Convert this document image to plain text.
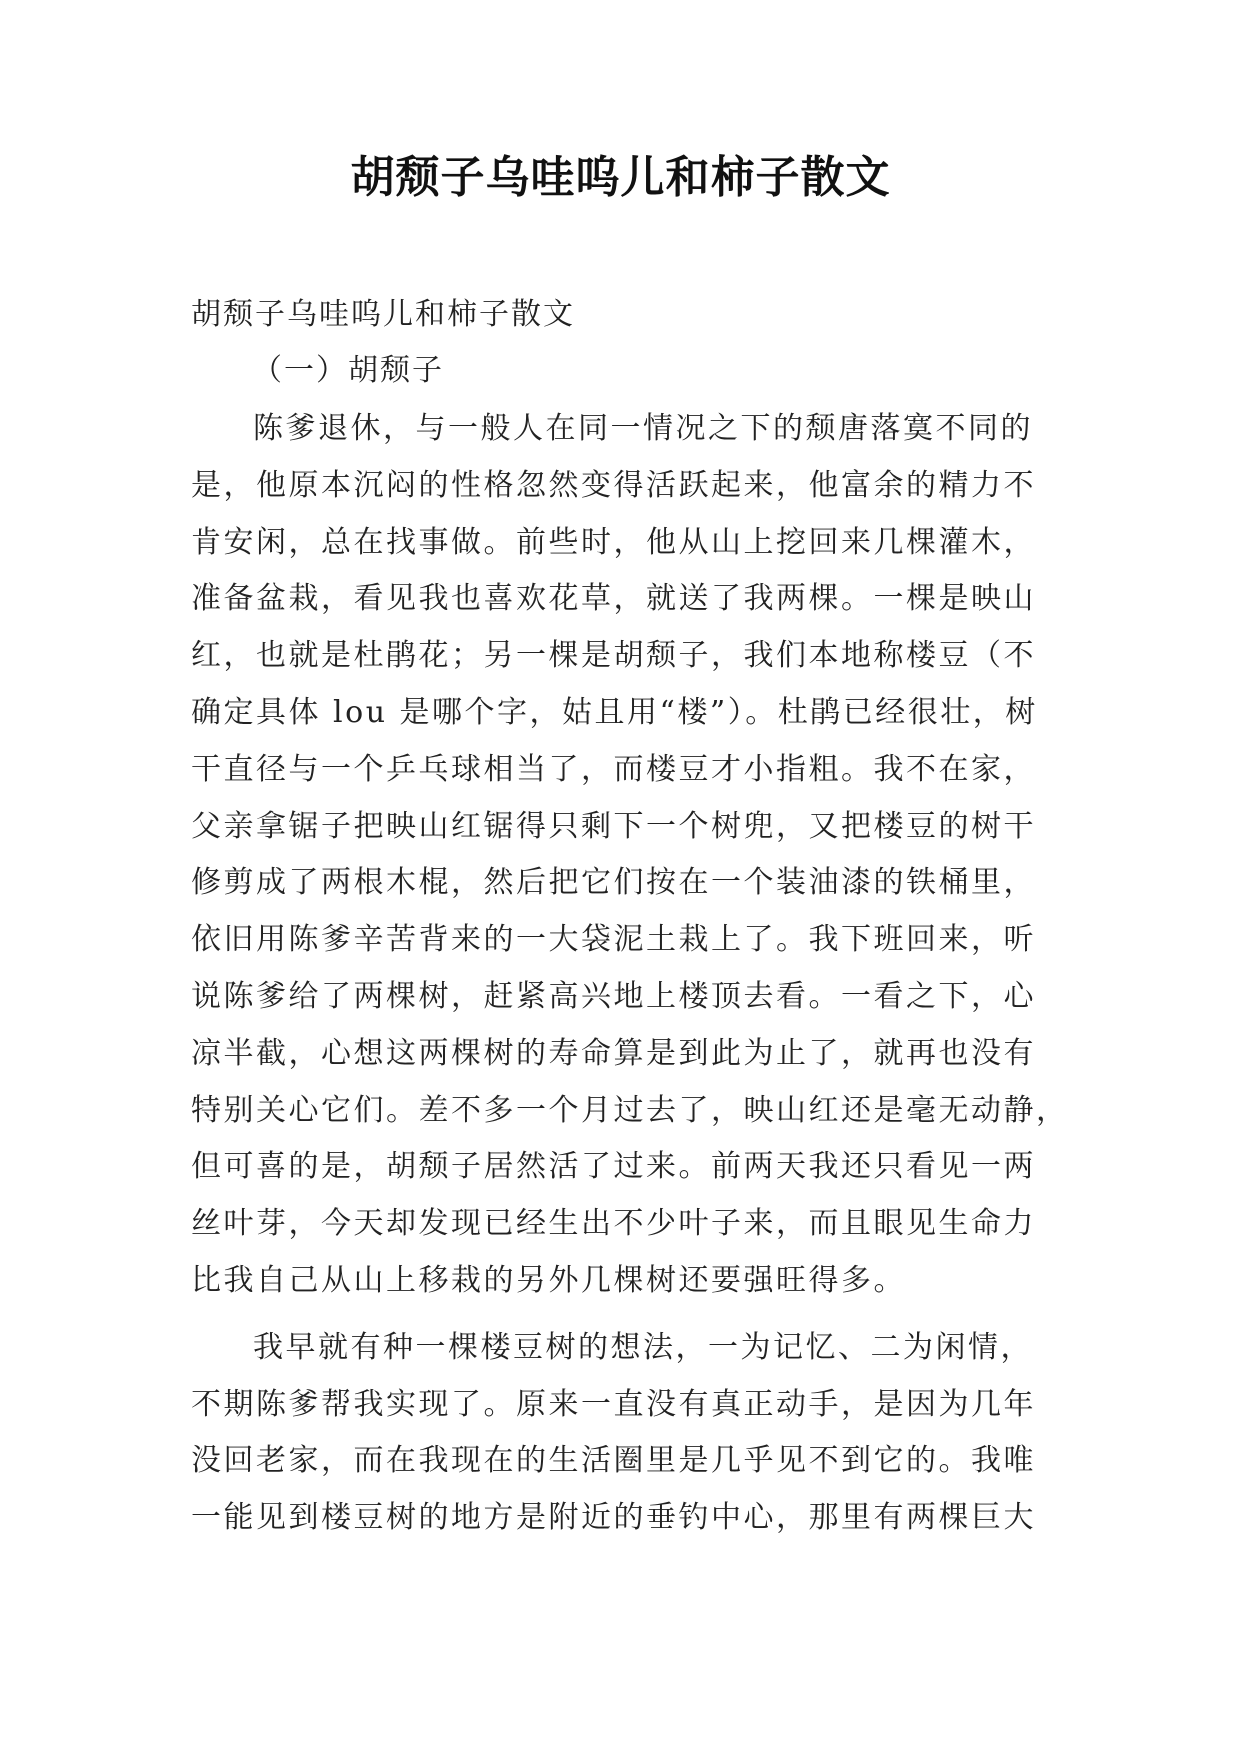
胡颓子乌哇呜儿和柿子散文
胡颓子乌哇呜儿和柿子散文
（一）胡颓子
陈爹退休，与一般人在同一情况之下的颓唐落寞不同的
是，他原本沉闷的性格忽然变得活跃起来，他富余的精力不
肯安闲，总在找事做。前些时，他从山上挖回来几棵灌木，
准备盆栽，看见我也喜欢花草，就送了我两棵。一棵是映山
红，也就是杜鹃花；另一棵是胡颓子，我们本地称楼豆（不
确定具体 lou 是哪个字，姑且用“楼”）。杜鹃已经很壮，树
干直径与一个乒乓球相当了，而楼豆才小指粗。我不在家，
父亲拿锯子把映山红锯得只剩下一个树兜，又把楼豆的树干
修剪成了两根木棍，然后把它们按在一个装油漆的铁桶里，
依旧用陈爹辛苦背来的一大袋泥土栽上了。我下班回来，听
说陈爹给了两棵树，赶紧高兴地上楼顶去看。一看之下，心
凉半截，心想这两棵树的寿命算是到此为止了，就再也没有
特别关心它们。差不多一个月过去了，映山红还是毫无动静，
但可喜的是，胡颓子居然活了过来。前两天我还只看见一两
丝叶芽，今天却发现已经生出不少叶子来，而且眼见生命力
比我自己从山上移栽的另外几棵树还要强旺得多。
我早就有种一棵楼豆树的想法，一为记忆、二为闲情，
不期陈爹帮我实现了。原来一直没有真正动手，是因为几年
没回老家，而在我现在的生活圈里是几乎见不到它的。我唯
一能见到楼豆树的地方是附近的垂钓中心，那里有两棵巨大
